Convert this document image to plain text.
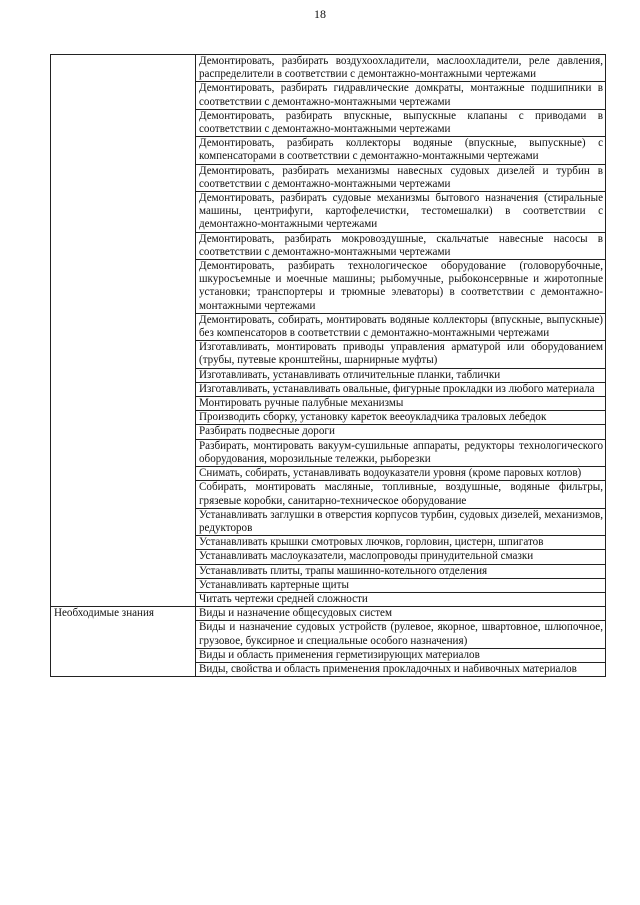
18
	Демонтировать, разбирать воздухоохладители, маслоохладители, реле давления, распределители в соответствии с демонтажно-монтажными чертежами
	Демонтировать, разбирать гидравлические домкраты, монтажные подшипники в соответствии с демонтажно-монтажными чертежами
	Демонтировать, разбирать впускные, выпускные клапаны с приводами в соответствии с демонтажно-монтажными чертежами
	Демонтировать, разбирать коллекторы водяные (впускные, выпускные) с компенсаторами в соответствии с демонтажно-монтажными чертежами
	Демонтировать, разбирать механизмы навесных судовых дизелей и турбин в соответствии с демонтажно-монтажными чертежами
	Демонтировать, разбирать судовые механизмы бытового назначения (стиральные машины, центрифуги, картофелечистки, тестомешалки) в соответствии с демонтажно-монтажными чертежами
	Демонтировать, разбирать мокровоздушные, скальчатые навесные насосы в соответствии с демонтажно-монтажными чертежами
	Демонтировать, разбирать технологическое оборудование (головорубочные, шкуросъемные и моечные машины; рыбомучные, рыбоконсервные и жиротопные установки; транспортеры и трюмные элеваторы) в соответствии с демонтажно-монтажными чертежами
	Демонтировать, собирать, монтировать водяные коллекторы (впускные, выпускные) без компенсаторов в соответствии с демонтажно-монтажными чертежами
	Изготавливать, монтировать приводы управления арматурой или оборудованием (трубы, путевые кронштейны, шарнирные муфты)
	Изготавливать, устанавливать отличительные планки, таблички
	Изготавливать, устанавливать овальные, фигурные прокладки из любого материала
	Монтировать ручные палубные механизмы
	Производить сборку, установку кареток вееоукладчика траловых лебедок
	Разбирать подвесные дороги
	Разбирать, монтировать вакуум-сушильные аппараты, редукторы технологического оборудования, морозильные тележки, рыборезки
	Снимать, собирать, устанавливать водоуказатели уровня (кроме паровых котлов)
	Собирать, монтировать масляные, топливные, воздушные, водяные фильтры, грязевые коробки, санитарно-техническое оборудование
	Устанавливать заглушки в отверстия корпусов турбин, судовых дизелей, механизмов, редукторов
	Устанавливать крышки смотровых лючков, горловин, цистерн, шпигатов
	Устанавливать маслоуказатели, маслопроводы принудительной смазки
	Устанавливать плиты, трапы машинно-котельного отделения
	Устанавливать картерные щиты
	Читать чертежи средней сложности
Необходимые знания	Виды и назначение общесудовых систем
	Виды и назначение судовых устройств (рулевое, якорное, швартовное, шлюпочное, грузовое, буксирное и специальные особого назначения)
	Виды и область применения герметизирующих материалов
	Виды, свойства и область применения прокладочных и набивочных материалов
